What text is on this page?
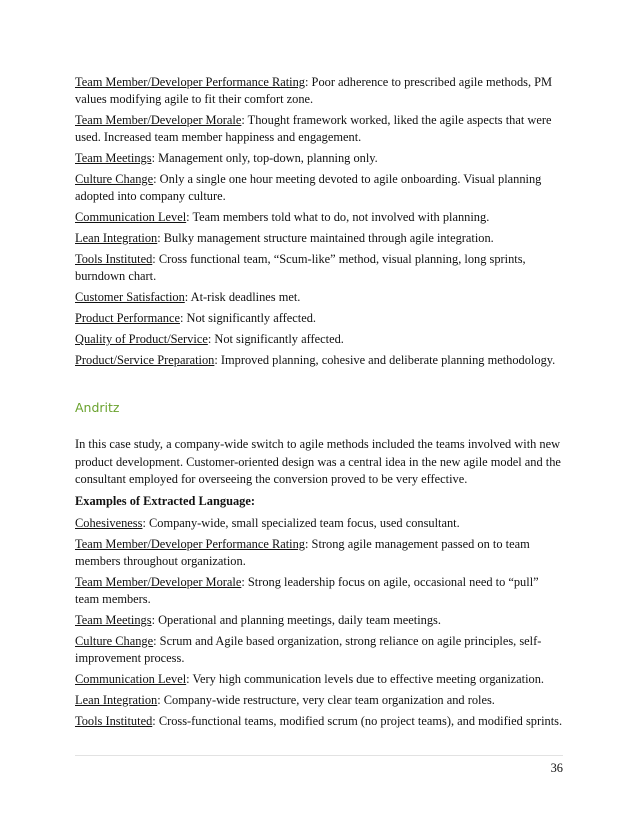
Team Member/Developer Performance Rating: Poor adherence to prescribed agile methods, PM values modifying agile to fit their comfort zone.
Team Member/Developer Morale: Thought framework worked, liked the agile aspects that were used. Increased team member happiness and engagement.
Team Meetings: Management only, top-down, planning only.
Culture Change: Only a single one hour meeting devoted to agile onboarding. Visual planning adopted into company culture.
Communication Level: Team members told what to do, not involved with planning.
Lean Integration: Bulky management structure maintained through agile integration.
Tools Instituted: Cross functional team, “Scum-like” method, visual planning, long sprints, burndown chart.
Customer Satisfaction: At-risk deadlines met.
Product Performance: Not significantly affected.
Quality of Product/Service: Not significantly affected.
Product/Service Preparation: Improved planning, cohesive and deliberate planning methodology.
Andritz
In this case study, a company-wide switch to agile methods included the teams involved with new product development. Customer-oriented design was a central idea in the new agile model and the consultant employed for overseeing the conversion proved to be very effective.
Examples of Extracted Language:
Cohesiveness: Company-wide, small specialized team focus, used consultant.
Team Member/Developer Performance Rating: Strong agile management passed on to team members throughout organization.
Team Member/Developer Morale: Strong leadership focus on agile, occasional need to “pull” team members.
Team Meetings: Operational and planning meetings, daily team meetings.
Culture Change: Scrum and Agile based organization, strong reliance on agile principles, self-improvement process.
Communication Level: Very high communication levels due to effective meeting organization.
Lean Integration: Company-wide restructure, very clear team organization and roles.
Tools Instituted: Cross-functional teams, modified scrum (no project teams), and modified sprints.
36
